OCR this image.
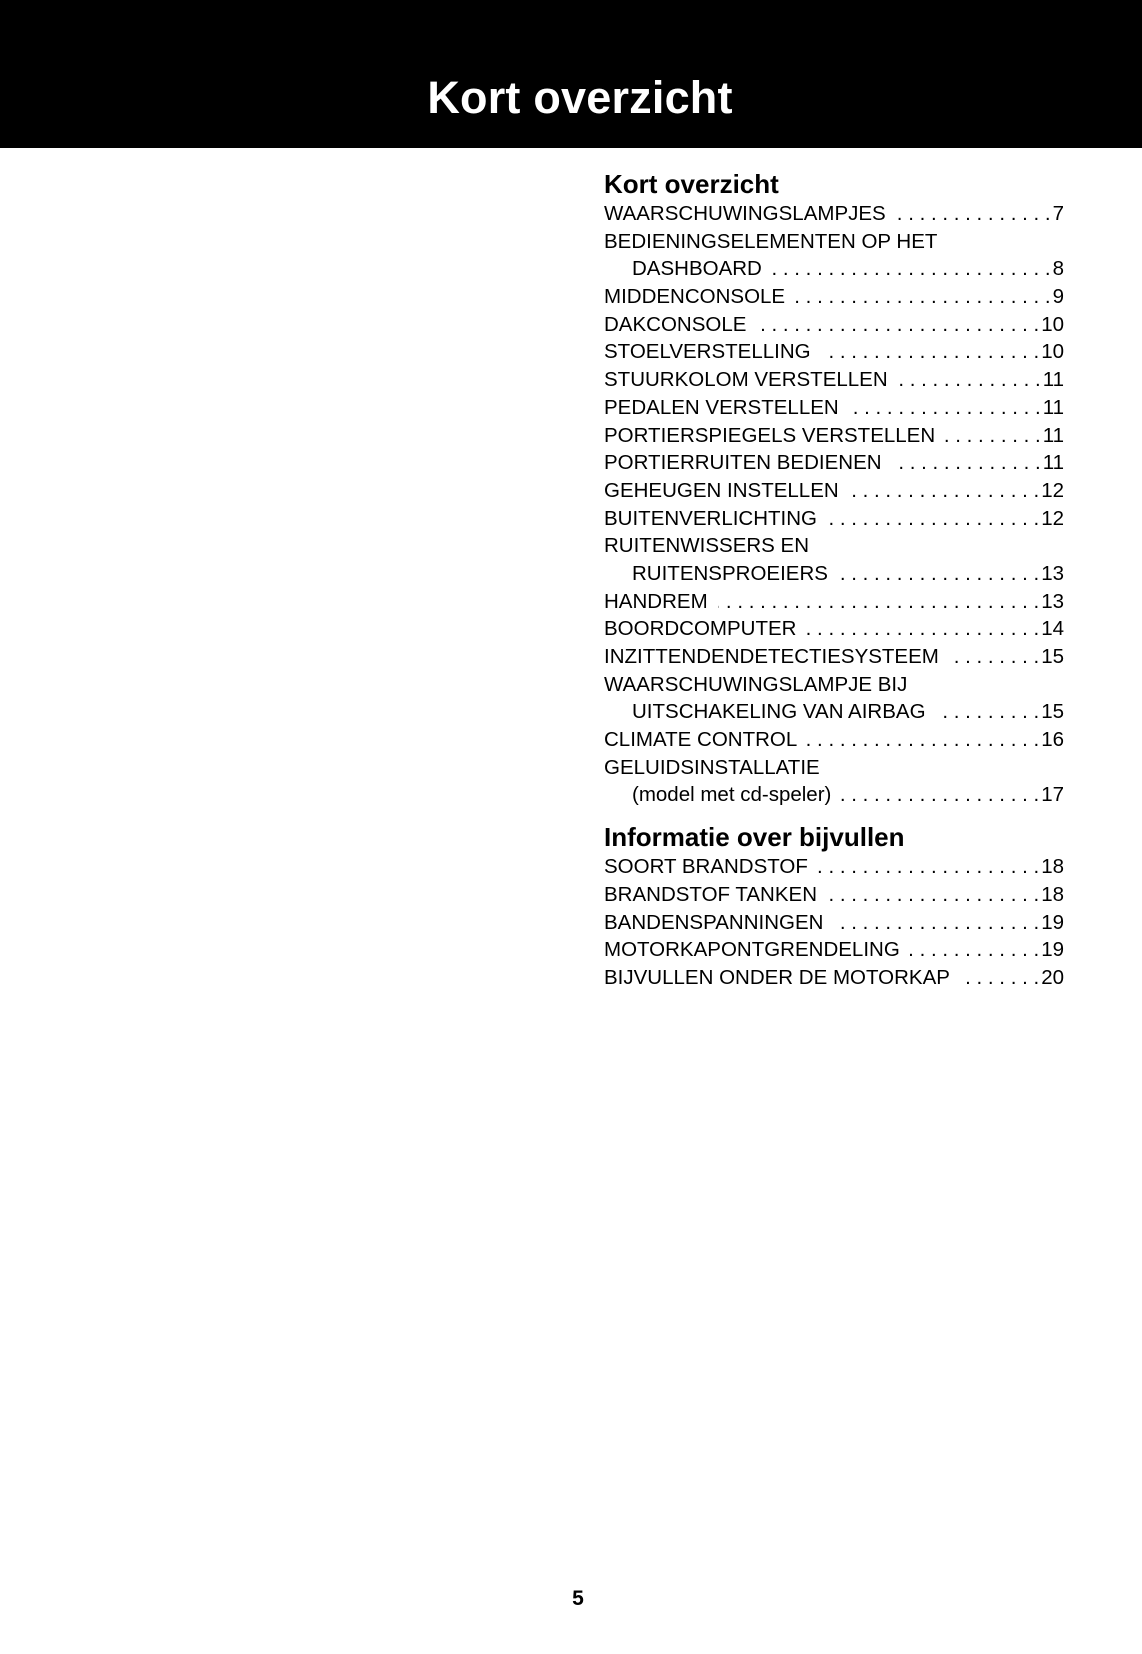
Kort overzicht
Kort overzicht
WAARSCHUWINGSLAMPJES . . .	7
BEDIENINGSELEMENTEN OP HET
DASHBOARD . . .	8
MIDDENCONSOLE . . .	9
DAKCONSOLE . . .	10
STOELVERSTELLING . . .	10
STUURKOLOM VERSTELLEN . . .	11
PEDALEN VERSTELLEN . . .	11
PORTIERSPIEGELS VERSTELLEN . . .	11
PORTIERRUITEN BEDIENEN . . .	11
GEHEUGEN INSTELLEN . . .	12
BUITENVERLICHTING . . .	12
RUITENWISSERS EN
RUITENSPROEIERS . . .	13
HANDREM . . .	13
BOORDCOMPUTER . . .	14
INZITTENDENDETECTIESYSTEEM . . .	15
WAARSCHUWINGSLAMPJE BIJ
UITSCHAKELING VAN AIRBAG . . .	15
CLIMATE CONTROL . . .	16
GELUIDSINSTALLATIE
(model met cd-speler) . . .	17
Informatie over bijvullen
SOORT BRANDSTOF . . .	18
BRANDSTOF TANKEN . . .	18
BANDENSPANNINGEN . . .	19
MOTORKAPONTGRENDELING . . .	19
BIJVULLEN ONDER DE MOTORKAP . . .	20
5
